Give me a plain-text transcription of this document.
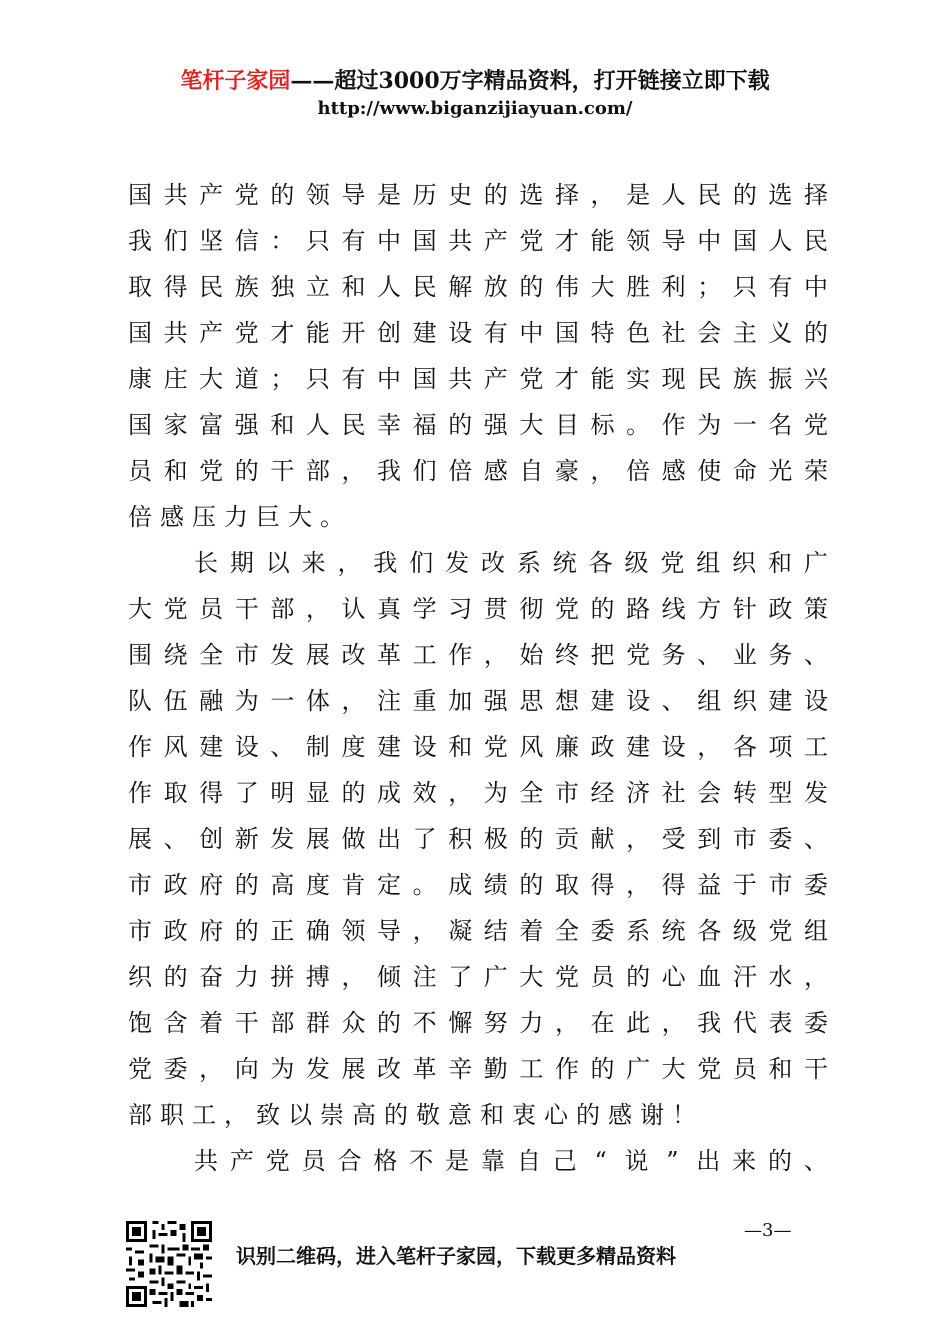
笔杆子家园——超过3000万字精品资料，打开链接立即下载
http://www.biganzijiayuan.com/
国 共 产 党 的 领 导 是 历 史 的 选 择 ， 是 人 民 的 选 择
我 们 坚 信 ： 只 有 中 国 共 产 党 才 能 领 导 中 国 人 民
取 得 民 族 独 立 和 人 民 解 放 的 伟 大 胜 利 ； 只 有 中
国 共 产 党 才 能 开 创 建 设 有 中 国 特 色 社 会 主 义 的
康 庄 大 道 ； 只 有 中 国 共 产 党 才 能 实 现 民 族 振 兴
国 家 富 强 和 人 民 幸 福 的 强 大 目 标 。 作 为 一 名 党
员 和 党 的 干 部 ， 我 们 倍 感 自 豪 ， 倍 感 使 命 光 荣
倍 感 压 力 巨 大 。
长 期 以 来 ， 我 们 发 改 系 统 各 级 党 组 织 和 广
大 党 员 干 部 ， 认 真 学 习 贯 彻 党 的 路 线 方 针 政 策
围 绕 全 市 发 展 改 革 工 作 ， 始 终 把 党 务 、 业 务 、
队 伍 融 为 一 体 ， 注 重 加 强 思 想 建 设 、 组 织 建 设
作 风 建 设 、 制 度 建 设 和 党 风 廉 政 建 设 ， 各 项 工
作 取 得 了 明 显 的 成 效 ， 为 全 市 经 济 社 会 转 型 发
展 、 创 新 发 展 做 出 了 积 极 的 贡 献 ， 受 到 市 委 、
市 政 府 的 高 度 肯 定 。 成 绩 的 取 得 ， 得 益 于 市 委
市 政 府 的 正 确 领 导 ， 凝 结 着 全 委 系 统 各 级 党 组
织 的 奋 力 拼 搏 ， 倾 注 了 广 大 党 员 的 心 血 汗 水 ，
饱 含 着 干 部 群 众 的 不 懈 努 力 ， 在 此 ， 我 代 表 委
党 委 ， 向 为 发 展 改 革 辛 勤 工 作 的 广 大 党 员 和 干
部 职 工 ， 致 以 崇 高 的 敬 意 和 衷 心 的 感 谢 ！
共 产 党 员 合 格 不 是 靠 自 己 “ 说 ” 出 来 的 、
—3—
识别二维码，进入笔杆子家园，下载更多精品资料
